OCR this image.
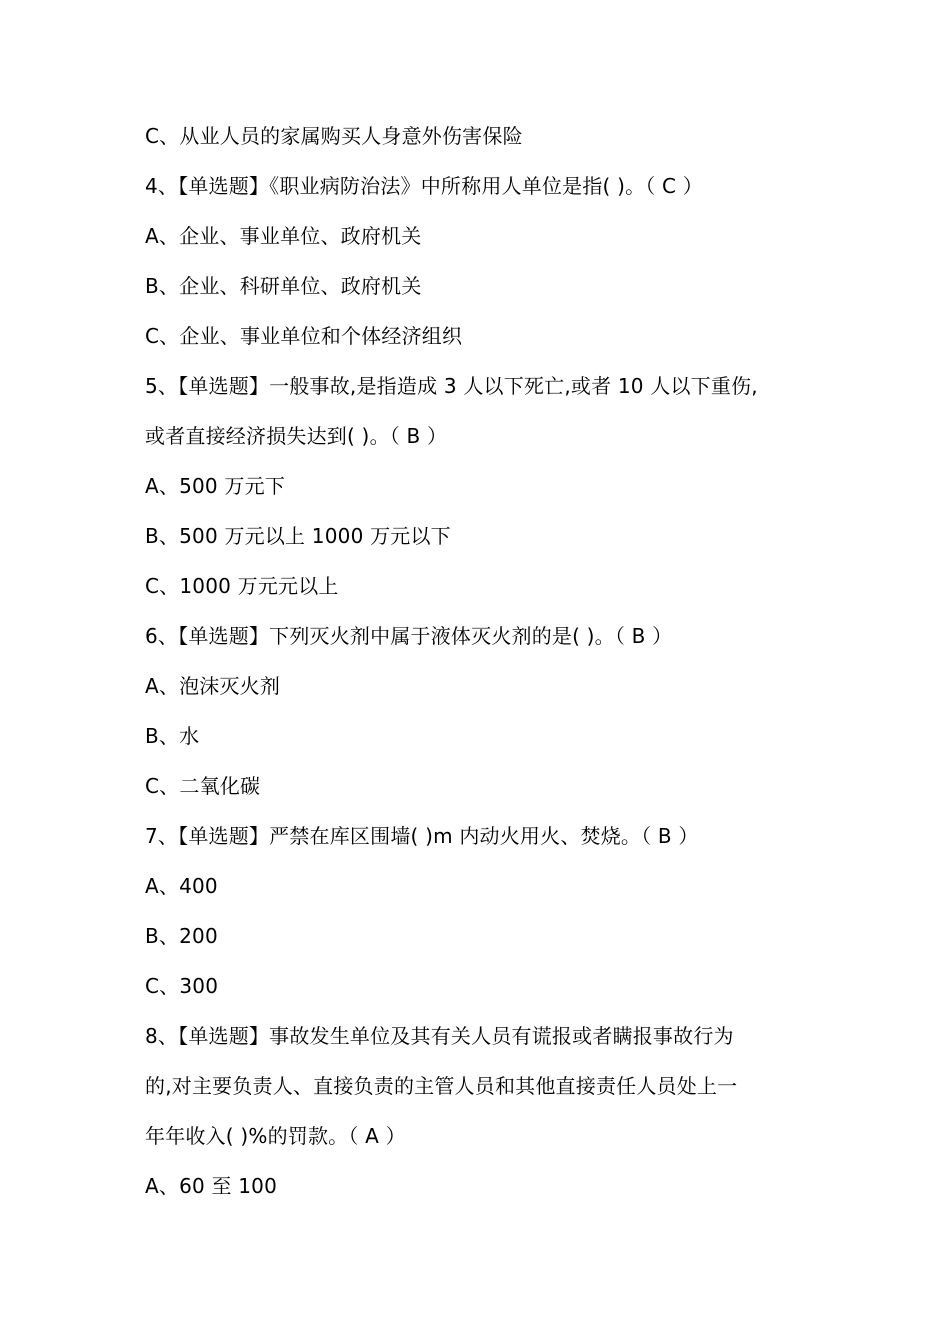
C、从业人员的家属购买人身意外伤害保险
4、【单选题】《职业病防治法》中所称用人单位是指( )。（ C ）
A、企业、事业单位、政府机关
B、企业、科研单位、政府机关
C、企业、事业单位和个体经济组织
5、【单选题】一般事故,是指造成 3 人以下死亡,或者 10 人以下重伤,
或者直接经济损失达到( )。（ B ）
A、500 万元下
B、500 万元以上 1000 万元以下
C、1000 万元元以上
6、【单选题】下列灭火剂中属于液体灭火剂的是( )。（ B ）
A、泡沫灭火剂
B、水
C、二氧化碳
7、【单选题】严禁在库区围墙( )m 内动火用火、焚烧。（ B ）
A、400
B、200
C、300
8、【单选题】事故发生单位及其有关人员有谎报或者瞒报事故行为
的,对主要负责人、直接负责的主管人员和其他直接责任人员处上一
年年收入( )%的罚款。（ A ）
A、60 至 100
